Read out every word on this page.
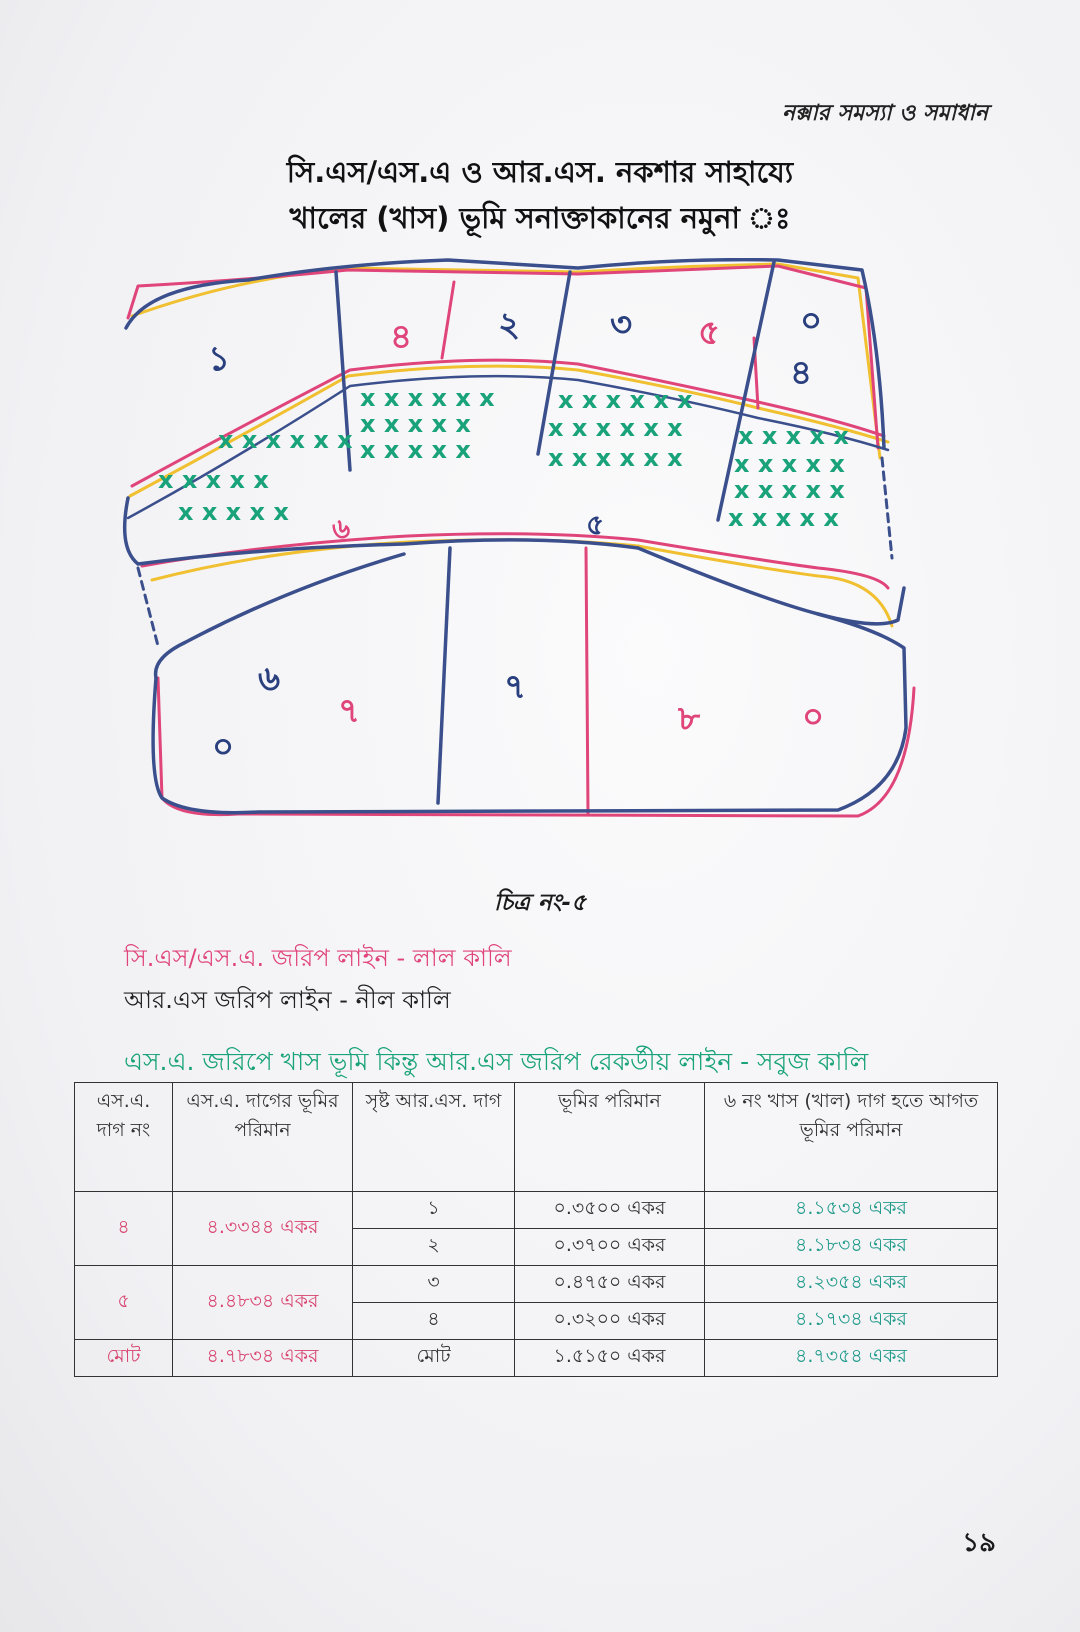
নক্সার সমস্যা ও সমাধান
সি.এস/এস.এ ও আর.এস. নকশার সাহায্যে
খালের (খাস) ভূমি সনাক্তাকানের নমুনা ঃ
x x x x x
x x x x x
x x x x x x
x x x x x x
x x x x x
x x x x x
x x x x x x
x x x x x x
x x x x x x
x x x x x
x x x x x
x x x x x
x x x x x
১
৪	২	৩ ৫ ০
৪
৬	৫
৬
৭
০
৭
৮	০
চিত্র নং-৫
সি.এস/এস.এ. জরিপ লাইন - লাল কালি
আর.এস জরিপ লাইন - নীল কালি
এস.এ. জরিপে খাস ভূমি কিন্তু আর.এস জরিপ রেকর্ডীয় লাইন - সবুজ কালি
এস.এ. দাগ নং	এস.এ. দাগের ভূমির পরিমান	সৃষ্ট আর.এস. দাগ	ভূমির পরিমান	৬ নং খাস (খাল) দাগ হতে আগত ভূমির পরিমান
৪	৪.৩৩৪৪ একর	১	০.৩৫০০ একর	৪.১৫৩৪ একর
		২	০.৩৭০০ একর	৪.১৮৩৪ একর
৫	৪.৪৮৩৪ একর	৩	০.৪৭৫০ একর	৪.২৩৫৪ একর
		৪	০.৩২০০ একর	৪.১৭৩৪ একর
মোট	৪.৭৮৩৪ একর	মোট	১.৫১৫০ একর	৪.৭৩৫৪ একর
১৯
